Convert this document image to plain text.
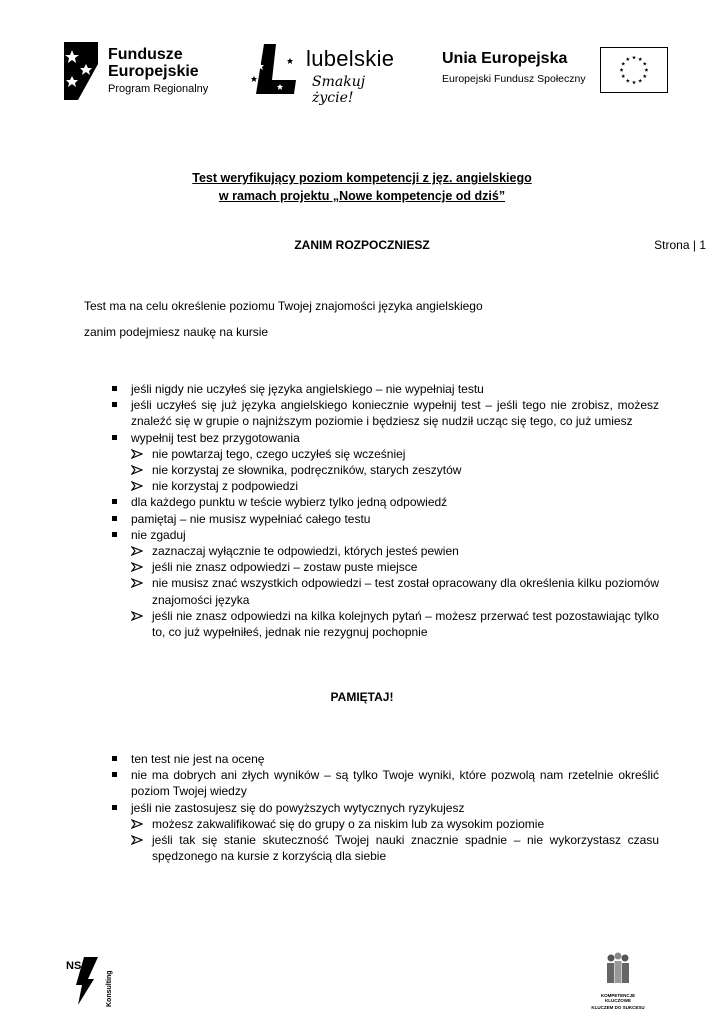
Fundusze
Europejskie
Program Regionalny
lubelskie
Smakuj życie!
Unia Europejska
Europejski Fundusz Społeczny
Test weryfikujący poziom kompetencji z jęz. angielskiego
w ramach projektu „Nowe kompetencje od dziś”
ZANIM ROZPOCZNIESZ	Strona | 1
Test ma na celu określenie poziomu Twojej znajomości języka angielskiego
zanim podejmiesz naukę na kursie
jeśli nigdy nie uczyłeś się języka angielskiego – nie wypełniaj testu
jeśli uczyłeś się już języka angielskiego koniecznie wypełnij test – jeśli tego nie zrobisz, możesz znaleźć się w grupie o najniższym poziomie i będziesz się nudził ucząc się tego, co już umiesz
wypełnij test bez przygotowania
nie powtarzaj tego, czego uczyłeś się wcześniej
nie korzystaj ze słownika, podręczników, starych zeszytów
nie korzystaj z podpowiedzi
dla każdego punktu w teście wybierz tylko jedną odpowiedź
pamiętaj – nie musisz wypełniać całego testu
nie zgaduj
zaznaczaj wyłącznie te odpowiedzi, których jesteś pewien
jeśli nie znasz odpowiedzi – zostaw puste miejsce
nie musisz znać wszystkich odpowiedzi – test został opracowany dla określenia kilku poziomów znajomości języka
jeśli nie znasz odpowiedzi na kilka kolejnych pytań – możesz przerwać test pozostawiając tylko to, co już wypełniłeś, jednak nie rezygnuj pochopnie
PAMIĘTAJ!
ten test nie jest na ocenę
nie ma dobrych ani złych wyników – są tylko Twoje wyniki, które pozwolą nam rzetelnie określić poziom Twojej wiedzy
jeśli nie zastosujesz się do powyższych wytycznych ryzykujesz
możesz zakwalifikować się do grupy o za niskim lub za wysokim poziomie
jeśli tak się stanie skuteczność Twojej nauki znacznie spadnie – nie wykorzystasz czasu spędzonego na kursie z korzyścią dla siebie
NS
Konsulting	KOMPETENCJE KLUCZOWE
KLUCZEM DO SUKCESU
